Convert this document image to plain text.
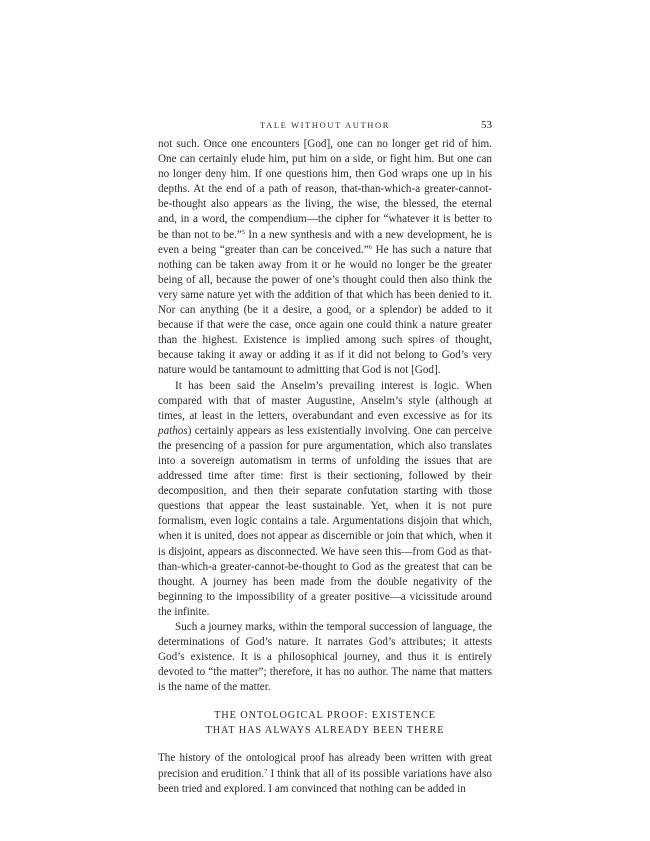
TALE WITHOUT AUTHOR	53

not such. Once one encounters [God], one can no longer get rid of him. One can certainly elude him, put him on a side, or fight him. But one can no longer deny him. If one questions him, then God wraps one up in his depths. At the end of a path of reason, that-than-which-a greater-cannot-be-thought also appears as the living, the wise, the blessed, the eternal and, in a word, the compendium—the cipher for “whatever it is better to be than not to be.”$^5$ In a new synthesis and with a new development, he is even a being “greater than can be conceived.”$^6$ He has such a nature that nothing can be taken away from it or he would no longer be the greater being of all, because the power of one’s thought could then also think the very same nature yet with the addition of that which has been denied to it. Nor can anything (be it a desire, a good, or a splendor) be added to it because if that were the case, once again one could think a nature greater than the highest. Existence is implied among such spires of thought, because taking it away or adding it as if it did not belong to God’s very nature would be tantamount to admitting that God is not [God].

It has been said the Anselm’s prevailing interest is logic. When compared with that of master Augustine, Anselm’s style (although at times, at least in the letters, overabundant and even excessive as for its pathos) certainly appears as less existentially involving. One can perceive the presencing of a passion for pure argumentation, which also translates into a sovereign automatism in terms of unfolding the issues that are addressed time after time: first is their sectioning, followed by their decomposition, and then their separate confutation starting with those questions that appear the least sustainable. Yet, when it is not pure formalism, even logic contains a tale. Argumentations disjoin that which, when it is united, does not appear as discernible or join that which, when it is disjoint, appears as disconnected. We have seen this—from God as that-than-which-a greater-cannot-be-thought to God as the greatest that can be thought. A journey has been made from the double negativity of the beginning to the impossibility of a greater positive—a vicissitude around the infinite.

Such a journey marks, within the temporal succession of language, the determinations of God’s nature. It narrates God’s attributes; it attests God’s existence. It is a philosophical journey, and thus it is entirely devoted to “the matter”; therefore, it has no author. The name that matters is the name of the matter.

THE ONTOLOGICAL PROOF: EXISTENCE
THAT HAS ALWAYS ALREADY BEEN THERE

The history of the ontological proof has already been written with great precision and erudition.$^7$ I think that all of its possible variations have also been tried and explored. I am convinced that nothing can be added in
